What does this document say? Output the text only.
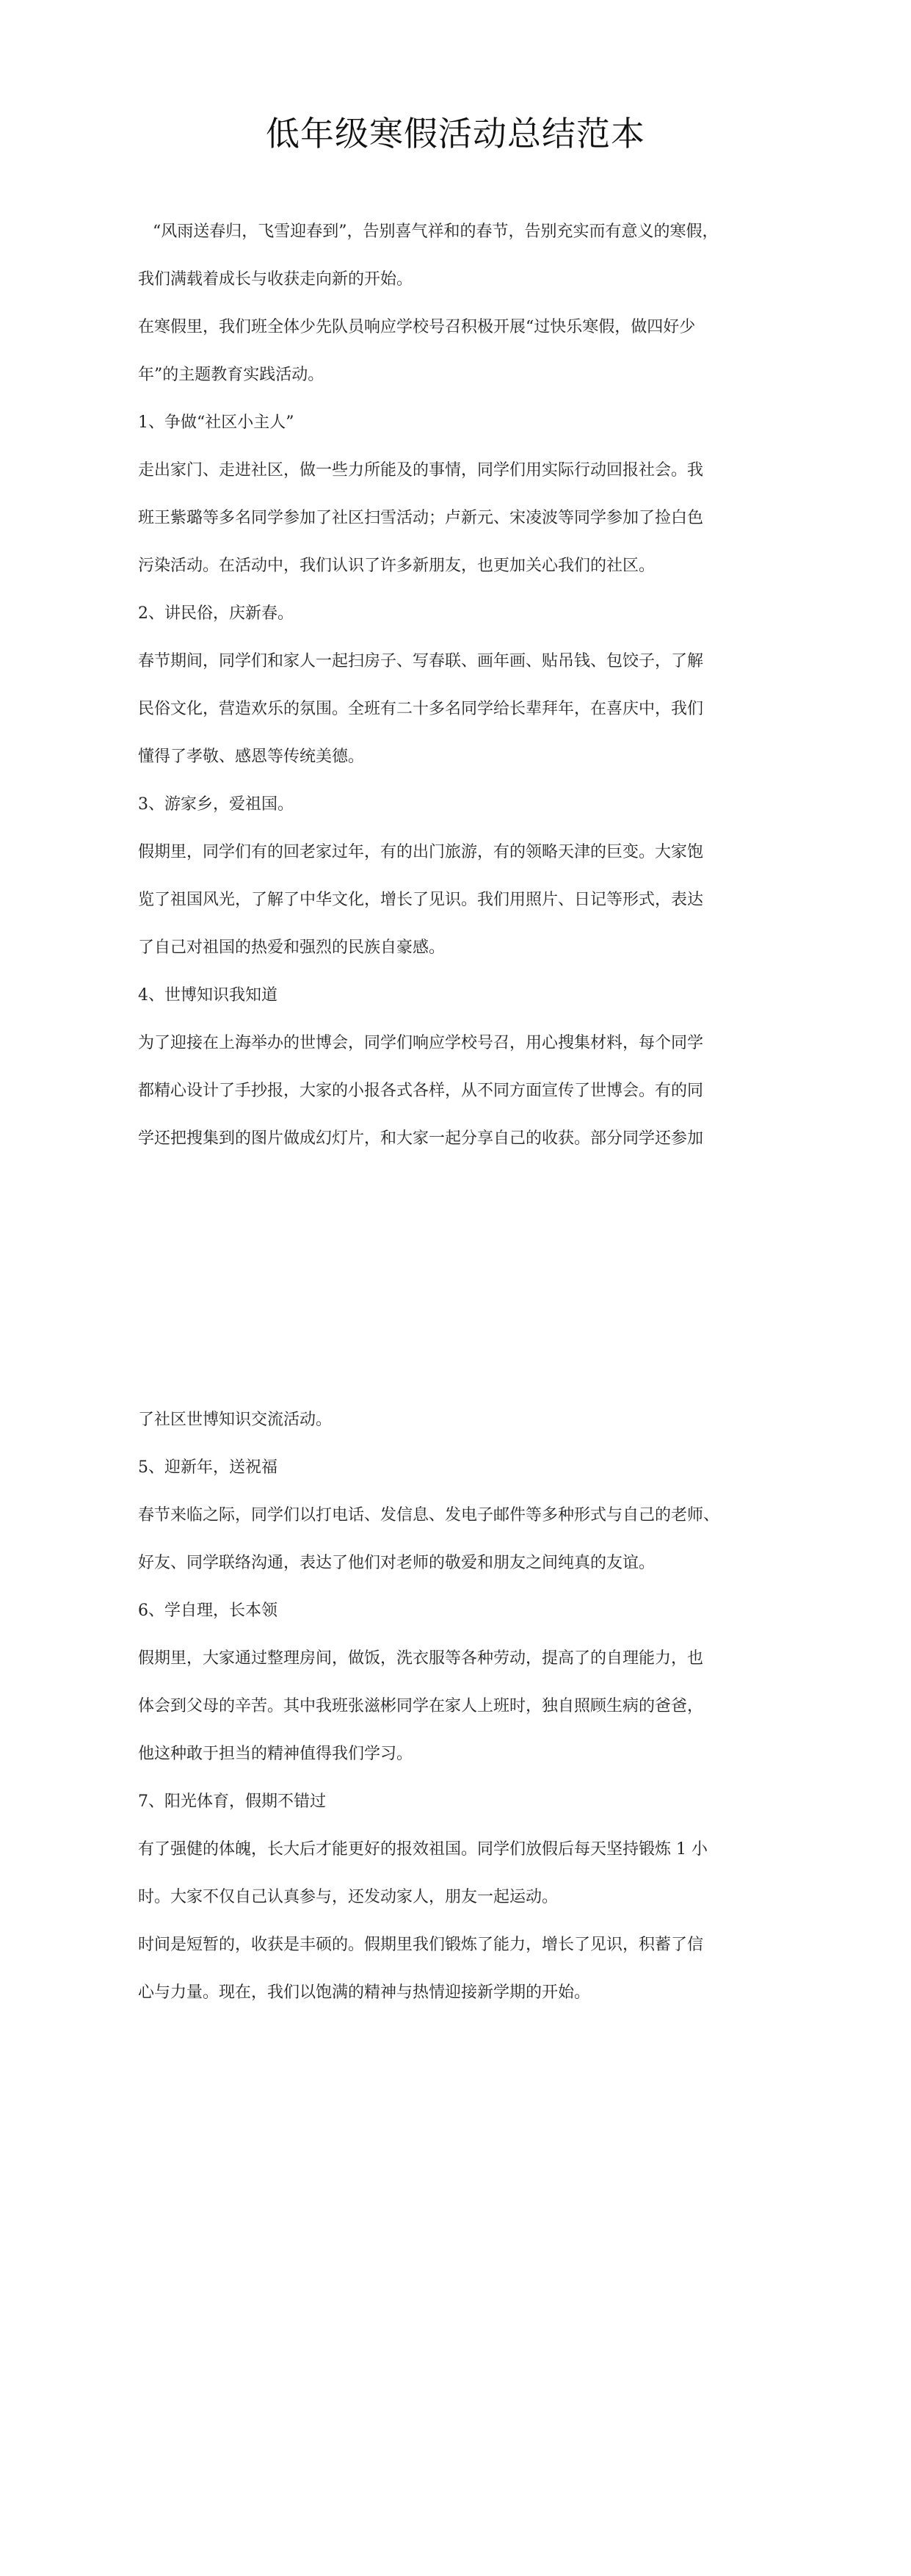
低年级寒假活动总结范本
“风雨送春归，飞雪迎春到”，告别喜气祥和的春节，告别充实而有意义的寒假，
我们满载着成长与收获走向新的开始。
在寒假里，我们班全体少先队员响应学校号召积极开展“过快乐寒假，做四好少
年”的主题教育实践活动。
1、争做“社区小主人”
走出家门、走进社区，做一些力所能及的事情，同学们用实际行动回报社会。我
班王紫璐等多名同学参加了社区扫雪活动；卢新元、宋凌波等同学参加了捡白色
污染活动。在活动中，我们认识了许多新朋友，也更加关心我们的社区。
2、讲民俗，庆新春。
春节期间，同学们和家人一起扫房子、写春联、画年画、贴吊钱、包饺子，了解
民俗文化，营造欢乐的氛围。全班有二十多名同学给长辈拜年，在喜庆中，我们
懂得了孝敬、感恩等传统美德。
3、游家乡，爱祖国。
假期里，同学们有的回老家过年，有的出门旅游，有的领略天津的巨变。大家饱
览了祖国风光，了解了中华文化，增长了见识。我们用照片、日记等形式，表达
了自己对祖国的热爱和强烈的民族自豪感。
4、世博知识我知道
为了迎接在上海举办的世博会，同学们响应学校号召，用心搜集材料，每个同学
都精心设计了手抄报，大家的小报各式各样，从不同方面宣传了世博会。有的同
学还把搜集到的图片做成幻灯片，和大家一起分享自己的收获。部分同学还参加
了社区世博知识交流活动。
5、迎新年，送祝福
春节来临之际，同学们以打电话、发信息、发电子邮件等多种形式与自己的老师、
好友、同学联络沟通，表达了他们对老师的敬爱和朋友之间纯真的友谊。
6、学自理，长本领
假期里，大家通过整理房间，做饭，洗衣服等各种劳动，提高了的自理能力，也
体会到父母的辛苦。其中我班张滋彬同学在家人上班时，独自照顾生病的爸爸，
他这种敢于担当的精神值得我们学习。
7、阳光体育，假期不错过
有了强健的体魄，长大后才能更好的报效祖国。同学们放假后每天坚持锻炼 1 小
时。大家不仅自己认真参与，还发动家人，朋友一起运动。
时间是短暂的，收获是丰硕的。假期里我们锻炼了能力，增长了见识，积蓄了信
心与力量。现在，我们以饱满的精神与热情迎接新学期的开始。
